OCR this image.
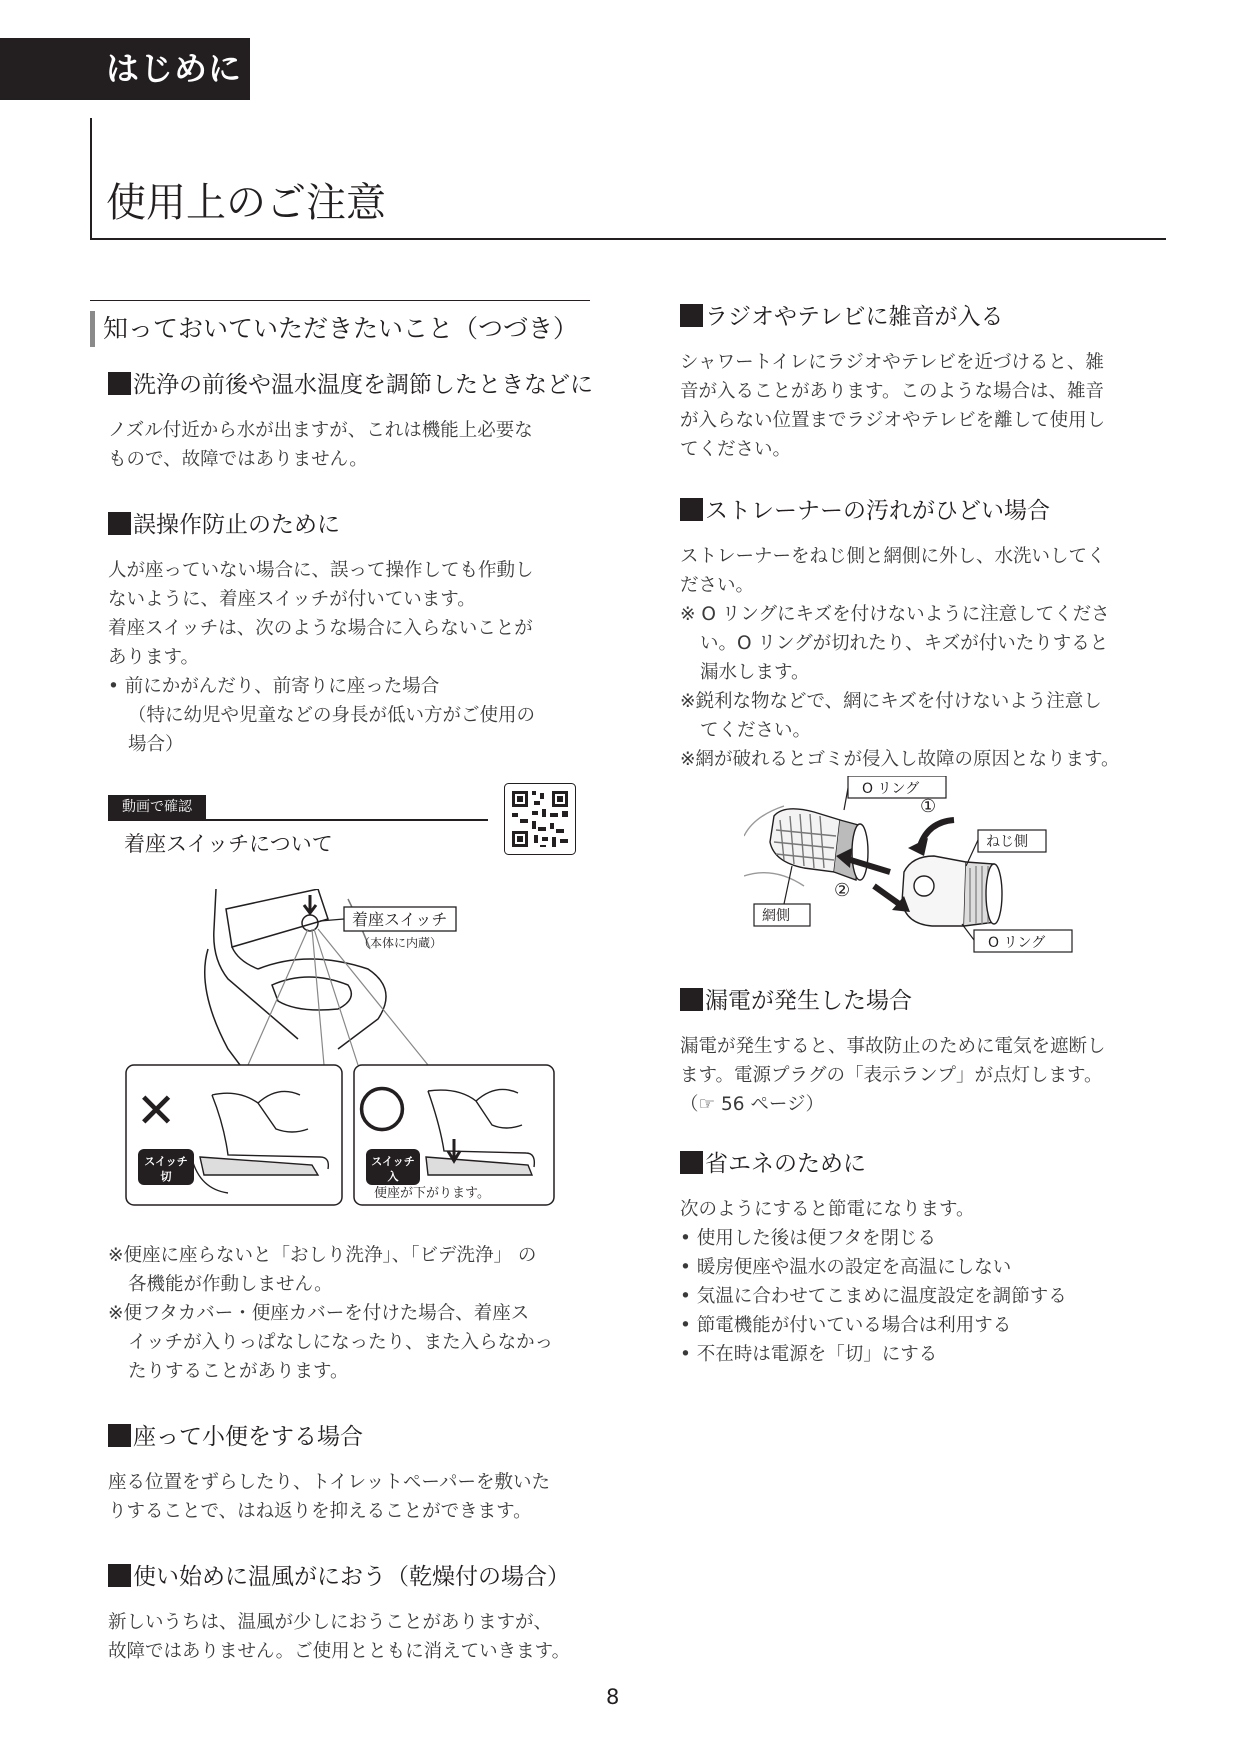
はじめに
使用上のご注意
知っておいていただきたいこと（つづき）
洗浄の前後や温水温度を調節したときなどに
ノズル付近から水が出ますが、これは機能上必要な
もので、故障ではありません。
誤操作防止のために
人が座っていない場合に、誤って操作しても作動し
ないように、着座スイッチが付いています。
着座スイッチは、次のような場合に入らないことが
あります。
• 前にかがんだり、前寄りに座った場合
（特に幼児や児童などの身長が低い方がご使用の
場合）
動画で確認
着座スイッチについて
着座スイッチ
（本体に内蔵）
✕
スイッチ
切
〇
スイッチ
入
便座が下がります。
※便座に座らないと「おしり洗浄」、「ビデ洗浄」 の
各機能が作動しません。
※便フタカバー・便座カバーを付けた場合、着座ス
イッチが入りっぱなしになったり、また入らなかっ
たりすることがあります。
座って小便をする場合
座る位置をずらしたり、トイレットペーパーを敷いた
りすることで、はね返りを抑えることができます。
使い始めに温風がにおう（乾燥付の場合）
新しいうちは、温風が少しにおうことがありますが、
故障ではありません。ご使用とともに消えていきます。
ラジオやテレビに雑音が入る
シャワートイレにラジオやテレビを近づけると、雑
音が入ることがあります。このような場合は、雑音
が入らない位置までラジオやテレビを離して使用し
てください。
ストレーナーの汚れがひどい場合
ストレーナーをねじ側と網側に外し、水洗いしてく
ださい。
※ O リングにキズを付けないように注意してくださ
い。O リングが切れたり、キズが付いたりすると
漏水します。
※鋭利な物などで、網にキズを付けないよう注意し
てください。
※網が破れるとゴミが侵入し故障の原因となります。
O リング
①
ねじ側
②
網側
O リング
漏電が発生した場合
漏電が発生すると、事故防止のために電気を遮断し
ます。電源プラグの「表示ランプ」が点灯します。
（☞ 56 ページ）
省エネのために
次のようにすると節電になります。
• 使用した後は便フタを閉じる
• 暖房便座や温水の設定を高温にしない
• 気温に合わせてこまめに温度設定を調節する
• 節電機能が付いている場合は利用する
• 不在時は電源を「切」にする
8
